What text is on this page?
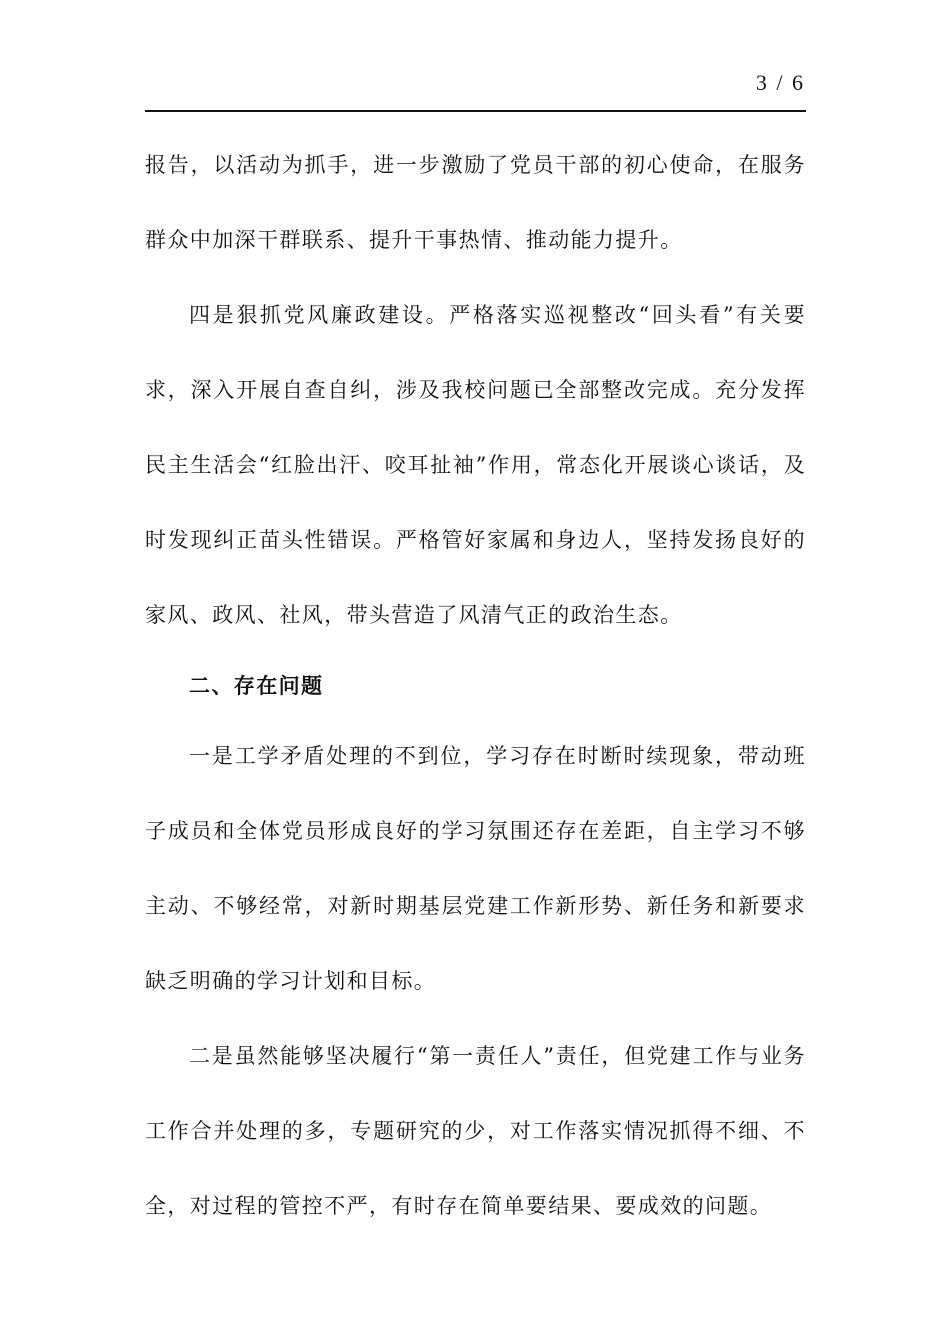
3 / 6

报告，以活动为抓手，进一步激励了党员干部的初心使命，在服务群众中加深干群联系、提升干事热情、推动能力提升。

四是狠抓党风廉政建设。严格落实巡视整改“回头看”有关要求，深入开展自查自纠，涉及我校问题已全部整改完成。充分发挥民主生活会“红脸出汗、咬耳扯袖”作用，常态化开展谈心谈话，及时发现纠正苗头性错误。严格管好家属和身边人，坚持发扬良好的家风、政风、社风，带头营造了风清气正的政治生态。

二、存在问题

一是工学矛盾处理的不到位，学习存在时断时续现象，带动班子成员和全体党员形成良好的学习氛围还存在差距，自主学习不够主动、不够经常，对新时期基层党建工作新形势、新任务和新要求缺乏明确的学习计划和目标。

二是虽然能够坚决履行“第一责任人”责任，但党建工作与业务工作合并处理的多，专题研究的少，对工作落实情况抓得不细、不全，对过程的管控不严，有时存在简单要结果、要成效的问题。
